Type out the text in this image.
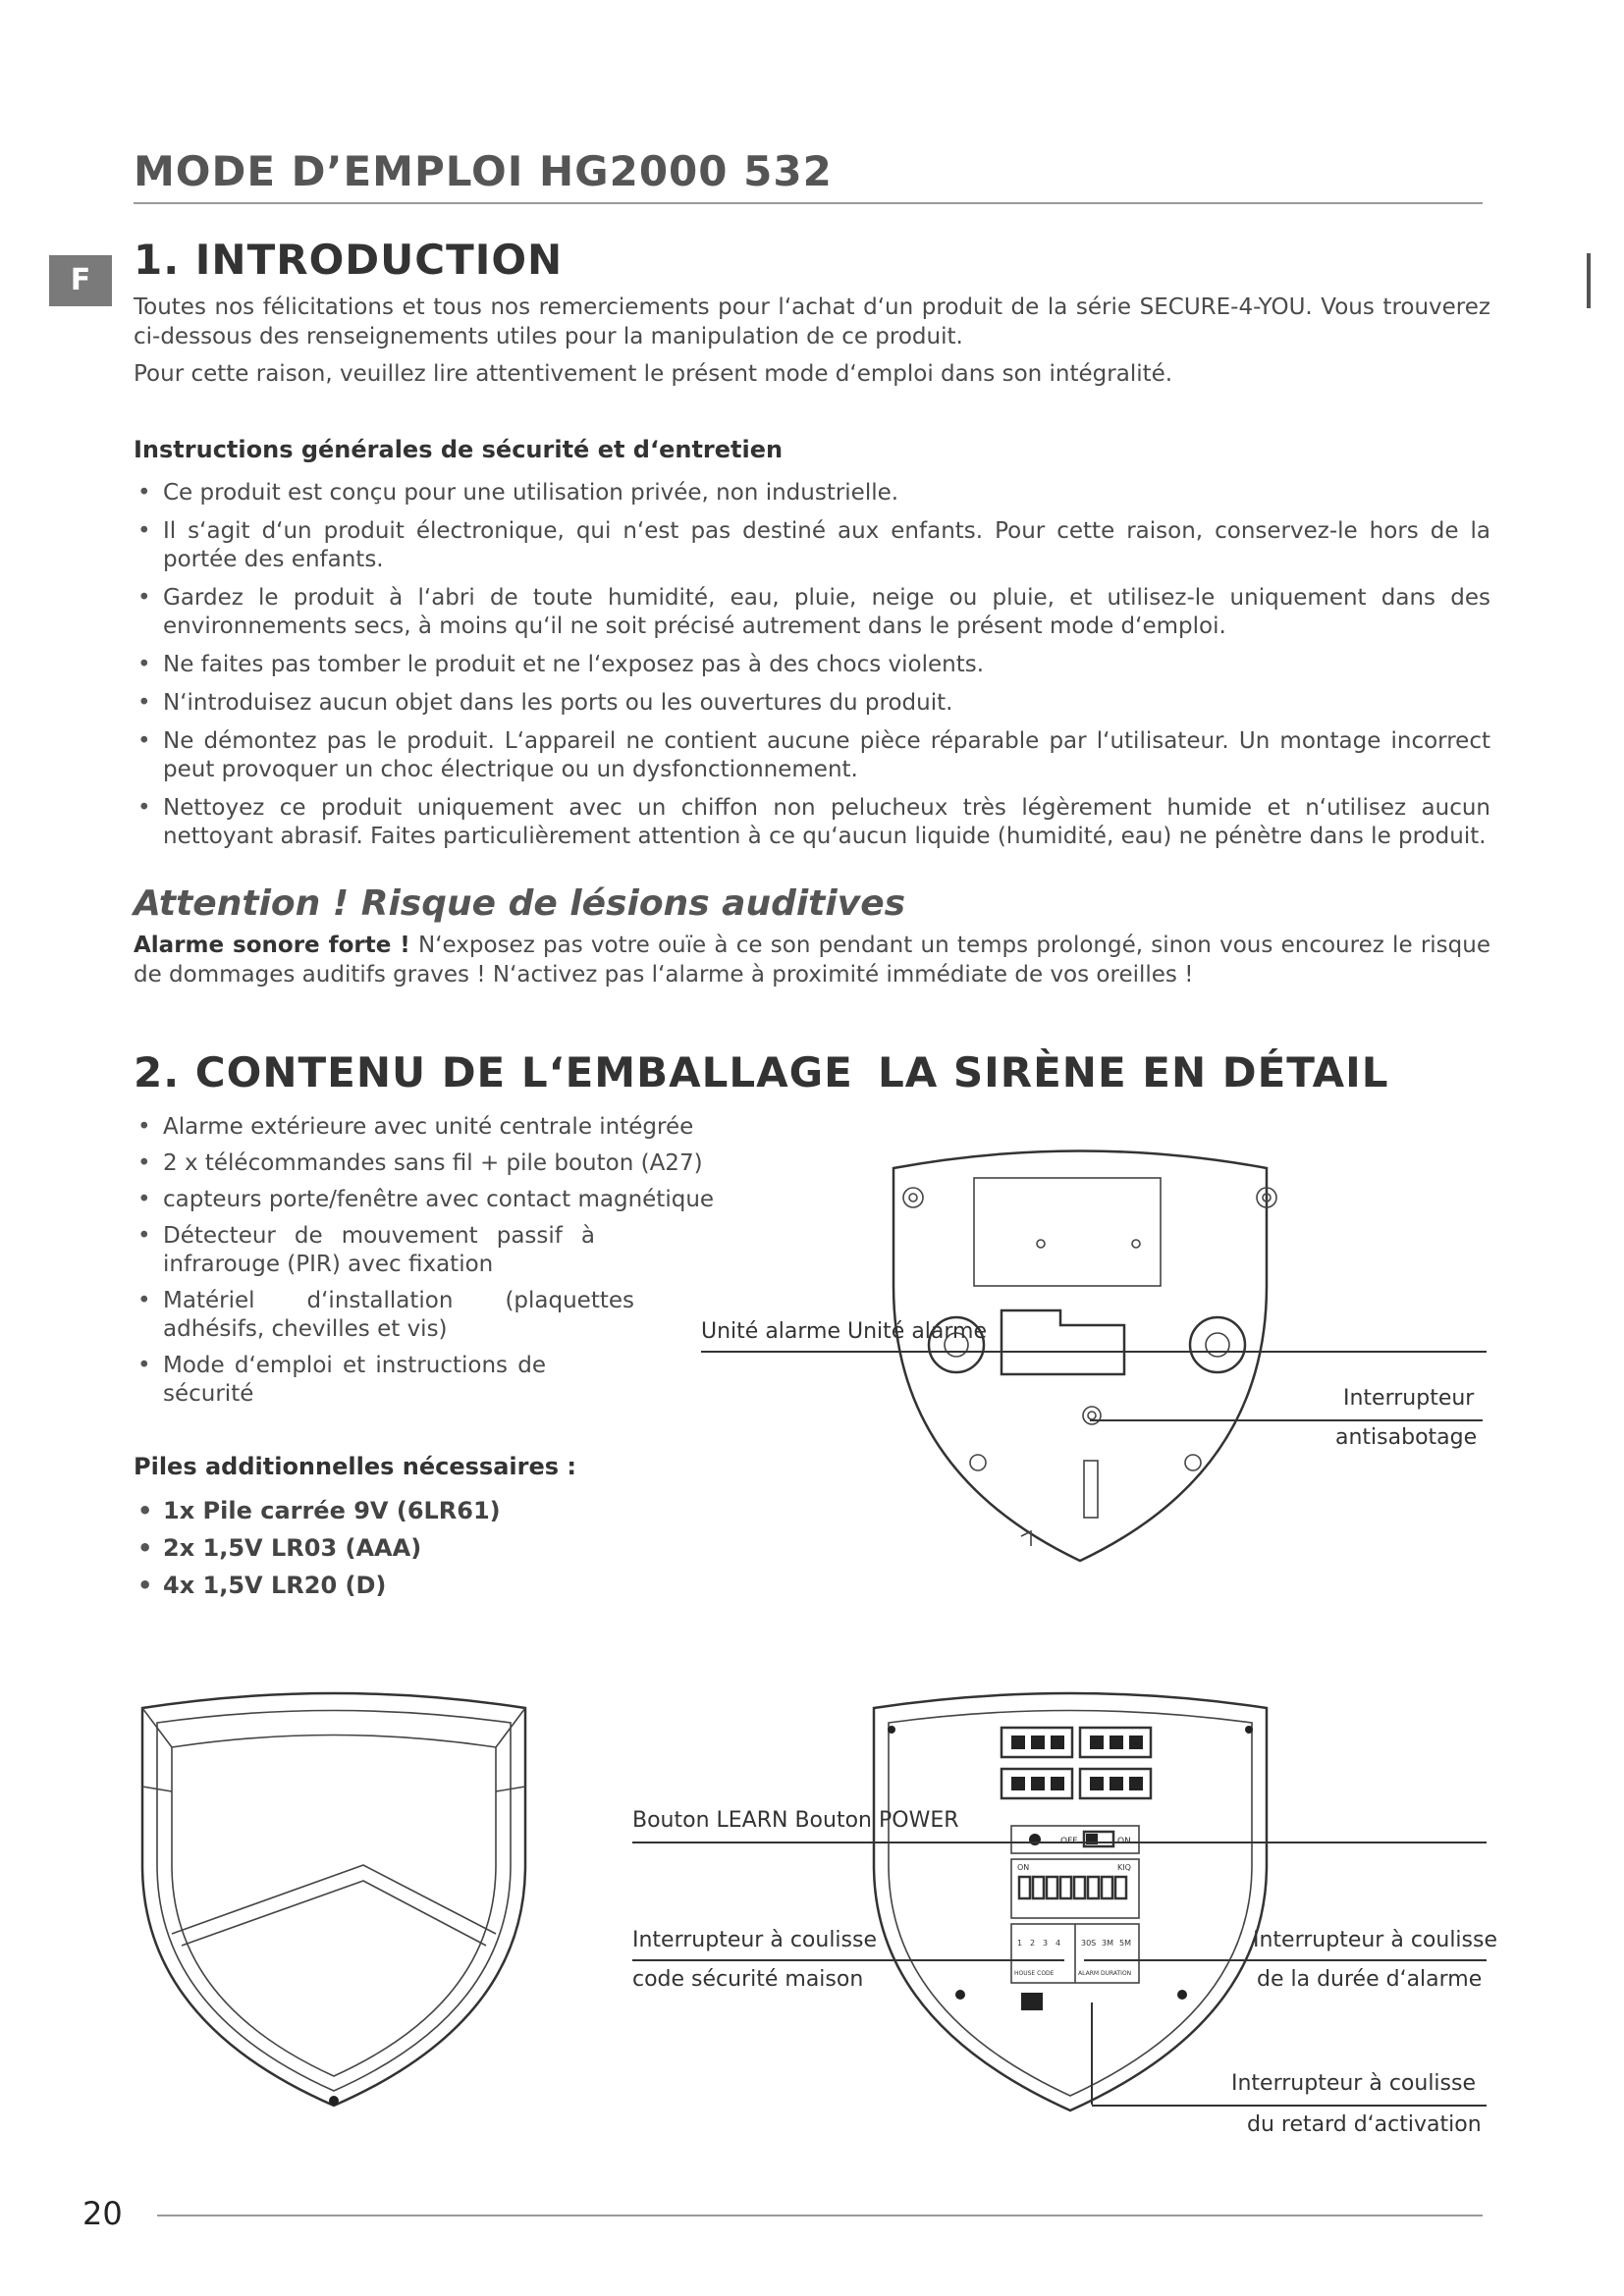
MODE D’EMPLOI HG2000 532
F	1. INTRODUCTION
Toutes nos félicitations et tous nos remerciements pour l‘achat d‘un produit de la série SECURE-4-YOU. Vous trouverez ci-dessous des renseignements utiles pour la manipulation de ce produit.
Pour cette raison, veuillez lire attentivement le présent mode d‘emploi dans son intégralité.
Instructions générales de sécurité et d‘entretien
• Ce produit est conçu pour une utilisation privée, non industrielle.
• Il s‘agit d‘un produit électronique, qui n‘est pas destiné aux enfants. Pour cette raison, conservez-le hors de la portée des enfants.
• Gardez le produit à l‘abri de toute humidité, eau, pluie, neige ou pluie, et utilisez-le uniquement dans des environnements secs, à moins qu‘il ne soit précisé autrement dans le présent mode d‘emploi.
• Ne faites pas tomber le produit et ne l‘exposez pas à des chocs violents.
• N‘introduisez aucun objet dans les ports ou les ouvertures du produit.
• Ne démontez pas le produit. L‘appareil ne contient aucune pièce réparable par l‘utilisateur. Un montage incorrect peut provoquer un choc électrique ou un dysfonctionnement.
• Nettoyez ce produit uniquement avec un chiffon non pelucheux très légèrement humide et n‘utilisez aucun nettoyant abrasif. Faites particulièrement attention à ce qu‘aucun liquide (humidité, eau) ne pénètre dans le produit.
Attention ! Risque de lésions auditives
Alarme sonore forte ! N‘exposez pas votre ouïe à ce son pendant un temps prolongé, sinon vous encourez le risque de dommages auditifs graves ! N‘activez pas l‘alarme à proximité immédiate de vos oreilles !
2. CONTENU DE L‘EMBALLAGE
• Alarme extérieure avec unité centrale intégrée
• 2 x télécommandes sans fil + pile bouton (A27)
• capteurs porte/fenêtre avec contact magnétique
• Détecteur de mouvement passif à infrarouge (PIR) avec fixation
• Matériel d‘installation (plaquettes adhésifs, chevilles et vis)
• Mode d‘emploi et instructions de sécurité
Piles additionnelles nécessaires :
• 1x Pile carrée 9V (6LR61)
• 2x 1,5V LR03 (AAA)
• 4x 1,5V LR20 (D)
LA SIRÈNE EN DÉTAIL
Unité alarme Unité alarme
Interrupteur
antisabotage
ON	KIQ
1 2 3 4	30S 3M 5M
HOUSE CODE	ALARM DURATION
Bouton LEARN Bouton POWER
Interrupteur à coulisse
code sécurité maison
Interrupteur à coulisse
de la durée d‘alarme
Interrupteur à coulisse
du retard d‘activation
20
